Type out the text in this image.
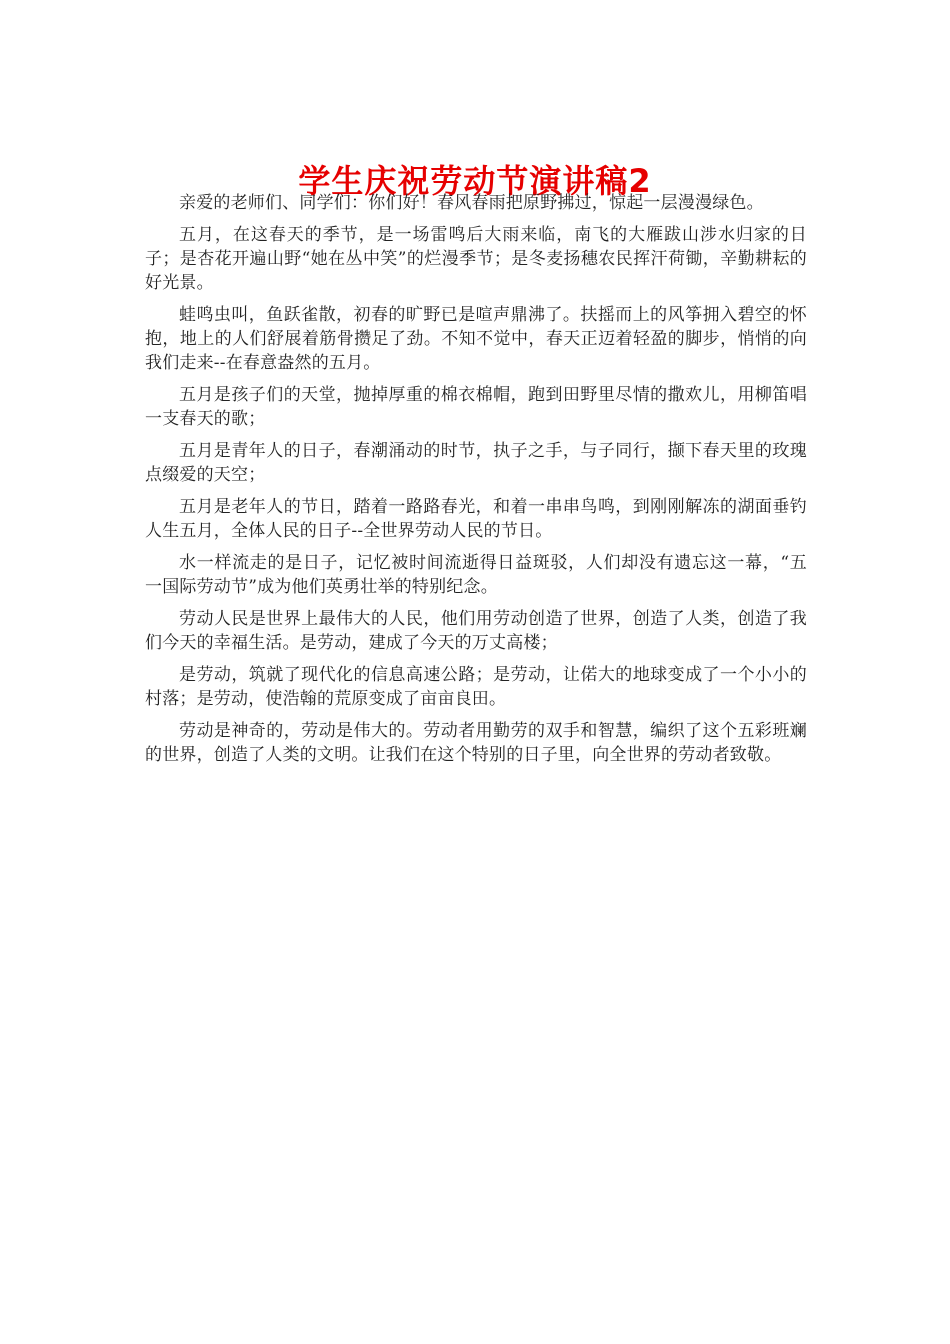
学生庆祝劳动节演讲稿2

亲爱的老师们、同学们：你们好！春风春雨把原野拂过，惊起一层漫漫绿色。

五月，在这春天的季节，是一场雷鸣后大雨来临，南飞的大雁跋山涉水归家的日子；是杏花开遍山野“她在丛中笑”的烂漫季节；是冬麦扬穗农民挥汗荷锄，辛勤耕耘的好光景。

蛙鸣虫叫，鱼跃雀散，初春的旷野已是喧声鼎沸了。扶摇而上的风筝拥入碧空的怀抱，地上的人们舒展着筋骨攒足了劲。不知不觉中，春天正迈着轻盈的脚步，悄悄的向我们走来--在春意盎然的五月。

五月是孩子们的天堂，抛掉厚重的棉衣棉帽，跑到田野里尽情的撒欢儿，用柳笛唱一支春天的歌；

五月是青年人的日子，春潮涌动的时节，执子之手，与子同行，撷下春天里的玫瑰点缀爱的天空；

五月是老年人的节日，踏着一路路春光，和着一串串鸟鸣，到刚刚解冻的湖面垂钓人生五月，全体人民的日子--全世界劳动人民的节日。

水一样流走的是日子，记忆被时间流逝得日益斑驳，人们却没有遗忘这一幕，“五一国际劳动节”成为他们英勇壮举的特别纪念。

劳动人民是世界上最伟大的人民，他们用劳动创造了世界，创造了人类，创造了我们今天的幸福生活。是劳动，建成了今天的万丈高楼；

是劳动，筑就了现代化的信息高速公路；是劳动，让偌大的地球变成了一个小小的村落；是劳动，使浩翰的荒原变成了亩亩良田。

劳动是神奇的，劳动是伟大的。劳动者用勤劳的双手和智慧，编织了这个五彩班斓的世界，创造了人类的文明。让我们在这个特别的日子里，向全世界的劳动者致敬。
